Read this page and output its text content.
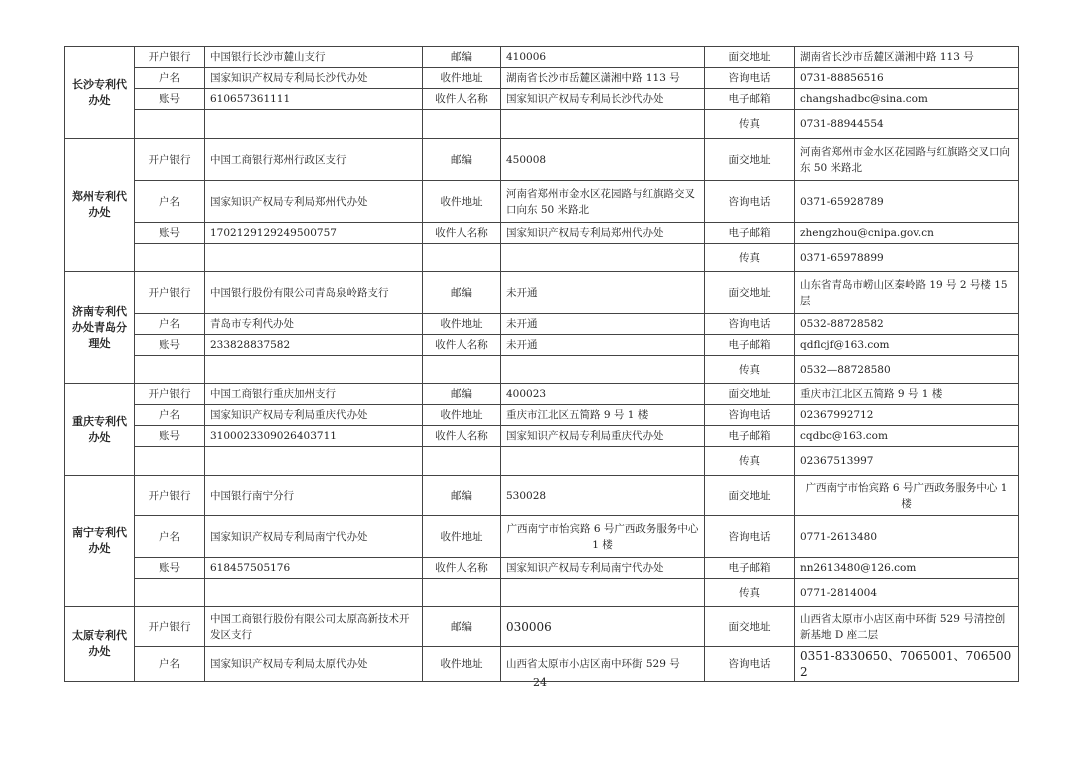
长沙专利代办处	开户银行	中国银行长沙市麓山支行	邮编	410006	面交地址	湖南省长沙市岳麓区潇湘中路 113 号
	户名	国家知识产权局专利局长沙代办处	收件地址	湖南省长沙市岳麓区潇湘中路 113 号	咨询电话	0731-88856516
	账号	610657361111	收件人名称	国家知识产权局专利局长沙代办处	电子邮箱	changshadbc@sina.com
					传真	0731-88944554
郑州专利代办处	开户银行	中国工商银行郑州行政区支行	邮编	450008	面交地址	河南省郑州市金水区花园路与红旗路交叉口向东 50 米路北
	户名	国家知识产权局专利局郑州代办处	收件地址	河南省郑州市金水区花园路与红旗路交叉口向东 50 米路北	咨询电话	0371-65928789
	账号	1702129129249500757	收件人名称	国家知识产权局专利局郑州代办处	电子邮箱	zhengzhou@cnipa.gov.cn
					传真	0371-65978899
济南专利代办处青岛分理处	开户银行	中国银行股份有限公司青岛泉岭路支行	邮编	未开通	面交地址	山东省青岛市崂山区秦岭路 19 号 2 号楼 15 层
	户名	青岛市专利代办处	收件地址	未开通	咨询电话	0532-88728582
	账号	233828837582	收件人名称	未开通	电子邮箱	qdflcjf@163.com
					传真	0532—88728580
重庆专利代办处	开户银行	中国工商银行重庆加州支行	邮编	400023	面交地址	重庆市江北区五简路 9 号 1 楼
	户名	国家知识产权局专利局重庆代办处	收件地址	重庆市江北区五简路 9 号 1 楼	咨询电话	02367992712
	账号	3100023309026403711	收件人名称	国家知识产权局专利局重庆代办处	电子邮箱	cqdbc@163.com
					传真	02367513997
南宁专利代办处	开户银行	中国银行南宁分行	邮编	530028	面交地址	广西南宁市怡宾路 6 号广西政务服务中心 1 楼
	户名	国家知识产权局专利局南宁代办处	收件地址	广西南宁市怡宾路 6 号广西政务服务中心 1 楼	咨询电话	0771-2613480
	账号	618457505176	收件人名称	国家知识产权局专利局南宁代办处	电子邮箱	nn2613480@126.com
					传真	0771-2814004
太原专利代办处	开户银行	中国工商银行股份有限公司太原高新技术开发区支行	邮编	030006	面交地址	山西省太原市小店区南中环街 529 号清控创新基地 D 座二层
	户名	国家知识产权局专利局太原代办处	收件地址	山西省太原市小店区南中环街 529 号	咨询电话	0351-8330650、7065001、7065002
24
